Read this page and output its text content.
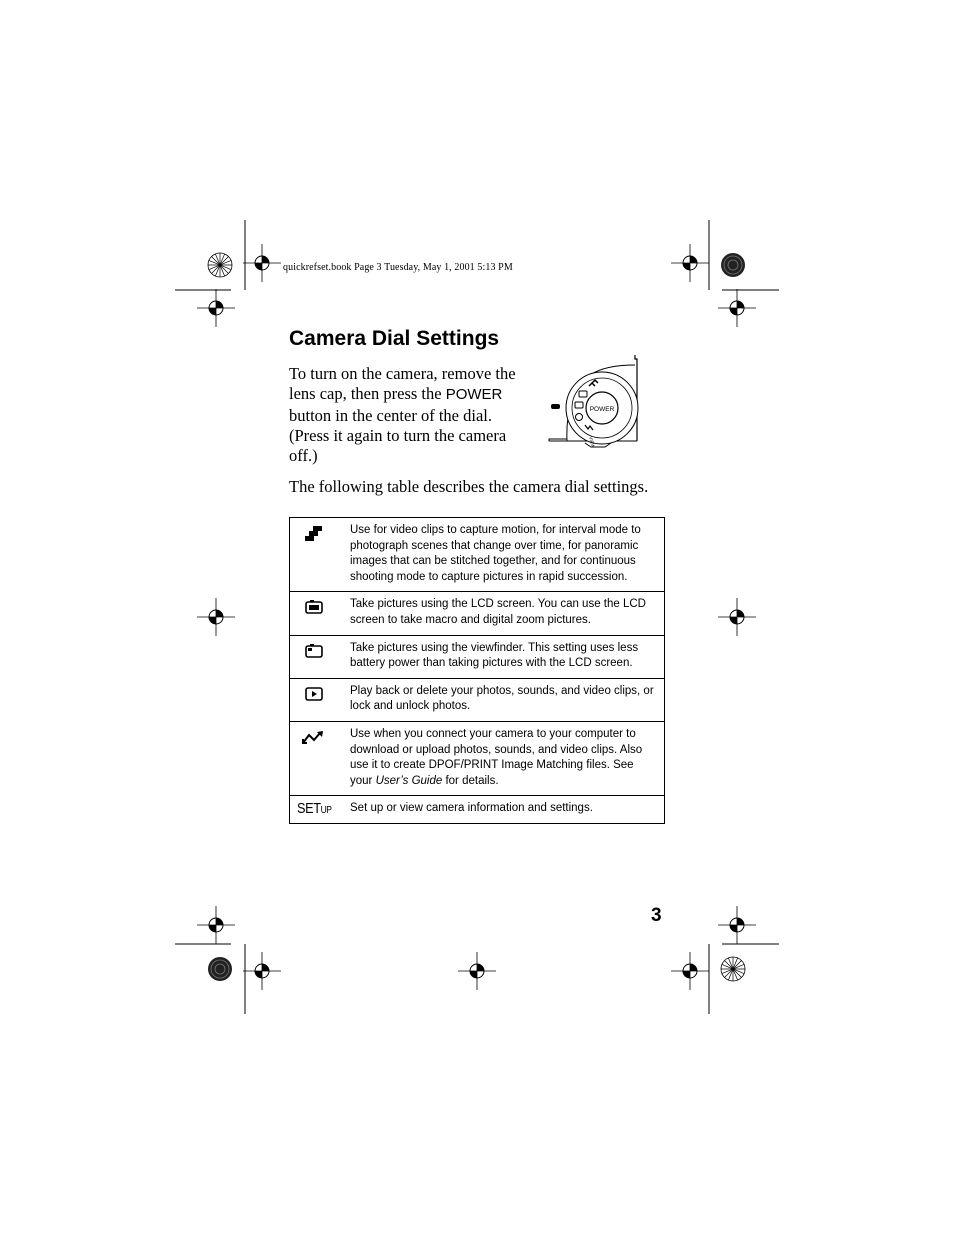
quickrefset.book Page 3 Tuesday, May 1, 2001 5:13 PM
Camera Dial Settings
To turn on the camera, remove the lens cap, then press the POWER button in the center of the dial. (Press it again to turn the camera off.)
POWER
VIEW
The following table describes the camera dial settings.
	Use for video clips to capture motion, for interval mode to photograph scenes that change over time, for panoramic images that can be stitched together, and for continuous shooting mode to capture pictures in rapid succession.
	Take pictures using the LCD screen. You can use the LCD screen to take macro and digital zoom pictures.
	Take pictures using the viewfinder. This setting uses less battery power than taking pictures with the LCD screen.
	Play back or delete your photos, sounds, and video clips, or lock and unlock photos.
	Use when you connect your camera to your computer to download or upload photos, sounds, and video clips. Also use it to create DPOF/PRINT Image Matching files. See your User’s Guide for details.
SETUP	Set up or view camera information and settings.
3
